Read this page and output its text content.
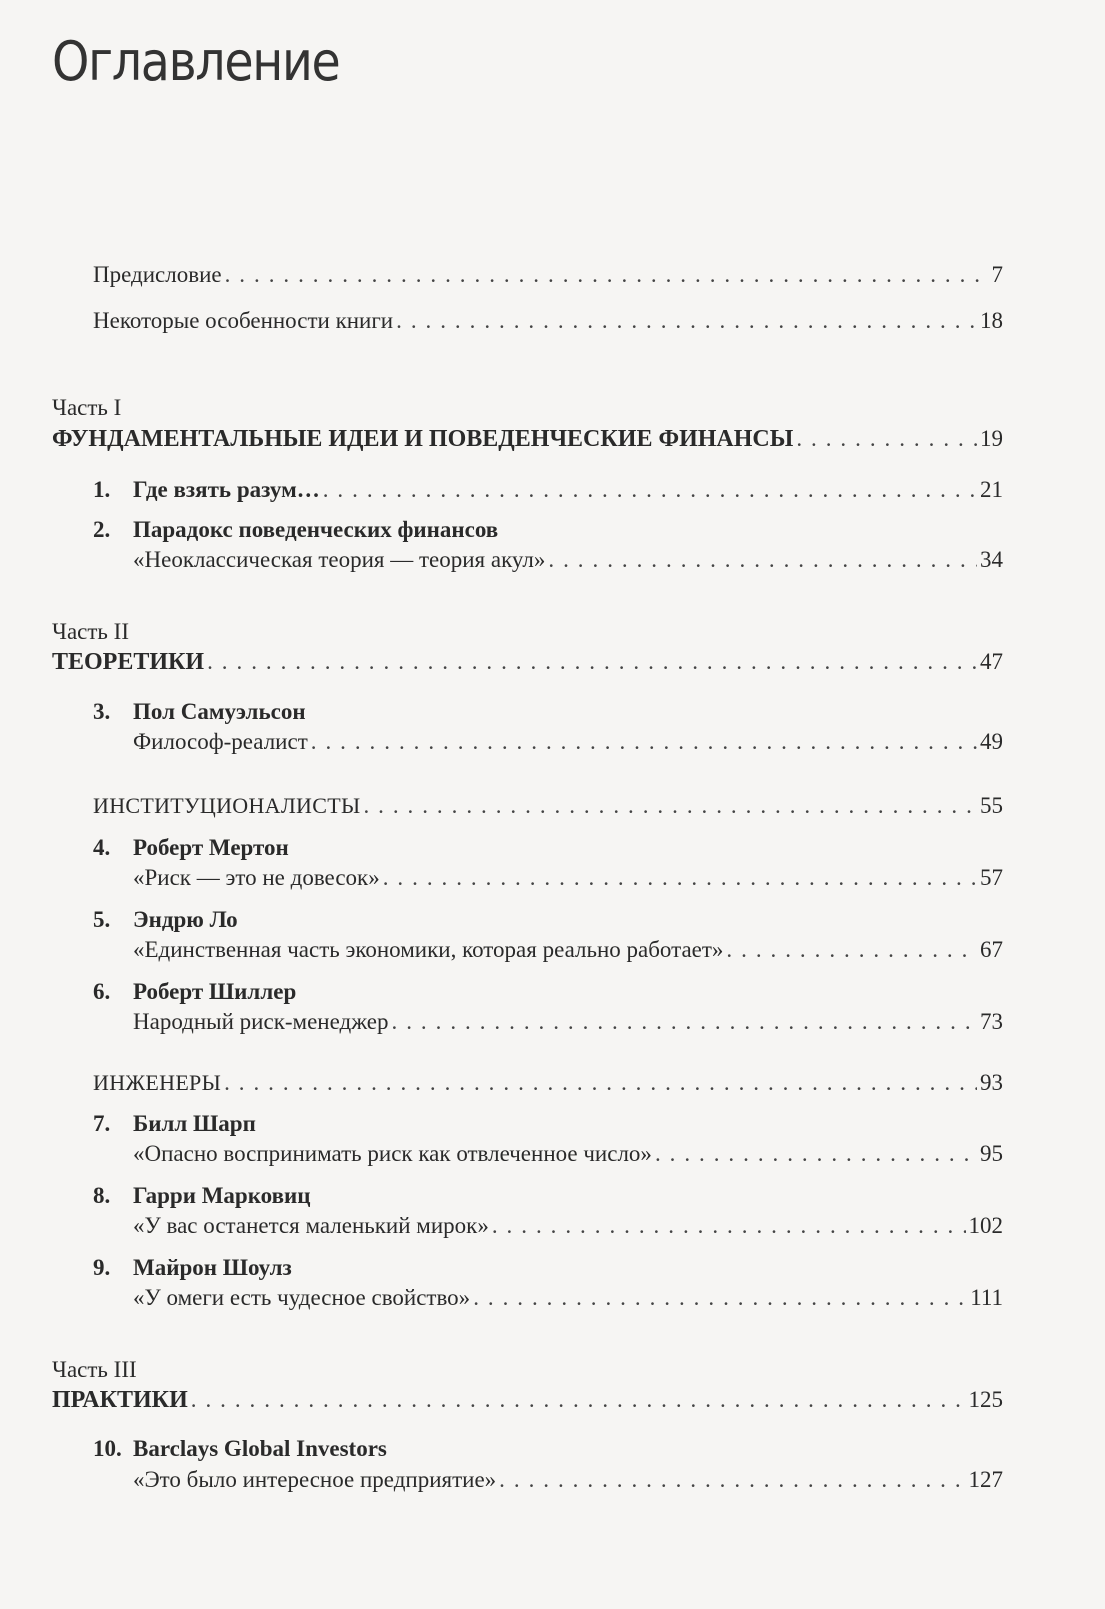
Оглавление
Предисловие . . .	7
Некоторые особенности книги . . .	18
Часть I
ФУНДАМЕНТАЛЬНЫЕ ИДЕИ И ПОВЕДЕНЧЕСКИЕ ФИНАНСЫ . . .	19
1. Где взять разум… . . .	21
2. Парадокс поведенческих финансов
«Неоклассическая теория — теория акул» . . .	34
Часть II
ТЕОРЕТИКИ . . .	47
3. Пол Самуэльсон
Философ-реалист . . .	49
ИНСТИТУЦИОНАЛИСТЫ . . .	55
4. Роберт Мертон
«Риск — это не довесок» . . .	57
5. Эндрю Ло
«Единственная часть экономики, которая реально работает» . . .	67
6. Роберт Шиллер
Народный риск-менеджер . . .	73
ИНЖЕНЕРЫ . . .	93
7. Билл Шарп
«Опасно воспринимать риск как отвлеченное число» . . .	95
8. Гарри Марковиц
«У вас останется маленький мирок» . . .	102
9. Майрон Шоулз
«У омеги есть чудесное свойство» . . .	111
Часть III
ПРАКТИКИ . . .	125
10. Barclays Global Investors
«Это было интересное предприятие» . . .	127
